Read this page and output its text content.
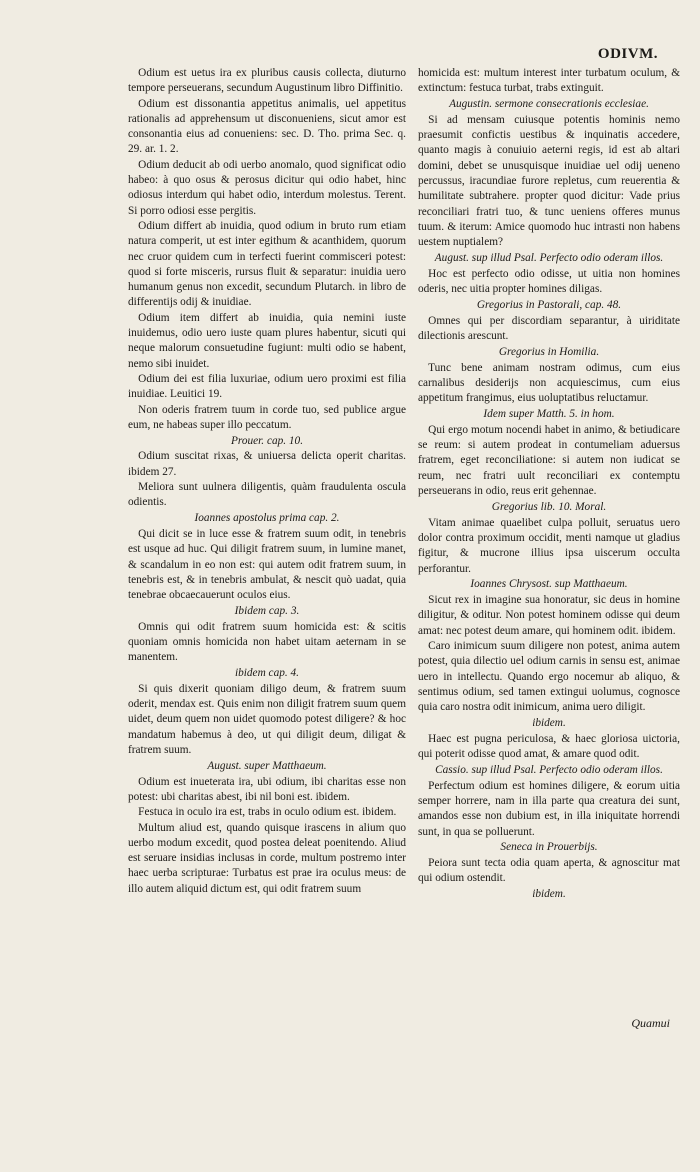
ODIVM.

Odium est uetus ira ex pluribus causis collecta, diuturno tempore perseuerans, secundum Augustinum libro Diffinitio.

Odium est dissonantia appetitus animalis, uel appetitus rationalis ad apprehensum ut disconueniens, sicut amor est consonantia eius ad conueniens: sec. D. Tho. prima Sec. q. 29. ar. 1. 2.

Odium deducit ab odi uerbo anomalo, quod significat odio habeo: à quo osus & perosus dicitur qui odio habet, hinc odiosus interdum qui habet odio, interdum molestus. Terent. Si porro odiosi esse pergitis.

Odium differt ab inuidia, quod odium in bruto rum etiam natura comperit, ut est inter egithum & acanthidem, quorum nec cruor quidem cum in terfecti fuerint commisceri potest: quod si forte misceris, rursus fluit & separatur: inuidia uero humanum genus non excedit, secundum Plutarch. in libro de differentijs odij & inuidiae.

Odium item differt ab inuidia, quia nemini iuste inuidemus, odio uero iuste quam plures habentur, sicuti qui neque malorum consuetudine fugiunt: multi odio se habent, nemo sibi inuidet.

Odium dei est filia luxuriae, odium uero proximi est filia inuidiae. Leuitici 19.

Non oderis fratrem tuum in corde tuo, sed publice argue eum, ne habeas super illo peccatum.

Prouer. cap. 10.

Odium suscitat rixas, & uniuersa delicta operit charitas. ibidem 27.

Meliora sunt uulnera diligentis, quàm fraudulenta oscula odientis.

Ioannes apostolus prima cap. 2.

Qui dicit se in luce esse & fratrem suum odit, in tenebris est usque ad huc. Qui diligit fratrem suum, in lumine manet, & scandalum in eo non est: qui autem odit fratrem suum, in tenebris est, & in tenebris ambulat, & nescit quò uadat, quia tenebrae obcaecauerunt oculos eius.

Ibidem cap. 3.

Omnis qui odit fratrem suum homicida est: & scitis quoniam omnis homicida non habet uitam aeternam in se manentem.

ibidem cap. 4.

Si quis dixerit quoniam diligo deum, & fratrem suum oderit, mendax est. Quis enim non diligit fratrem suum quem uidet, deum quem non uidet quomodo potest diligere? & hoc mandatum habemus à deo, ut qui diligit deum, diligat & fratrem suum.

August. super Matthaeum.

Odium est inueterata ira, ubi odium, ibi charitas esse non potest: ubi charitas abest, ibi nil boni est. ibidem.

Festuca in oculo ira est, trabs in oculo odium est. ibidem.

Multum aliud est, quando quisque irascens in alium quo uerbo modum excedit, quod postea deleat poenitendo. Aliud est seruare insidias inclusas in corde, multum postremo inter haec uerba scripturae: Turbatus est prae ira oculus meus: de illo autem aliquid dictum est, qui odit fratrem suum

homicida est: multum interest inter turbatum oculum, & extinctum: festuca turbat, trabs extinguit.

Augustin. sermone consecrationis ecclesiae.

Si ad mensam cuiusque potentis hominis nemo praesumit confictis uestibus & inquinatis accedere, quanto magis à conuiuio aeterni regis, id est ab altari domini, debet se unusquisque inuidiae uel odij ueneno percussus, iracundiae furore repletus, cum reuerentia & humilitate subtrahere. propter quod dicitur: Vade prius reconciliari fratri tuo, & tunc ueniens offeres munus tuum. & iterum: Amice quomodo huc intrasti non habens uestem nuptialem?

August. sup illud Psal. Perfecto odio oderam illos.

Hoc est perfecto odio odisse, ut uitia non homines oderis, nec uitia propter homines diligas.

Gregorius in Pastorali, cap. 48.

Omnes qui per discordiam separantur, à uiriditate dilectionis arescunt.

Gregorius in Homilia.

Tunc bene animam nostram odimus, cum eius carnalibus desiderijs non acquiescimus, cum eius appetitum frangimus, eius uoluptatibus reluctamur.

Idem super Matth. 5. in hom.

Qui ergo motum nocendi habet in animo, & betiudicare se reum: si autem prodeat in contumeliam aduersus fratrem, eget reconciliatione: si autem non iudicat se reum, nec fratri uult reconciliari ex contemptu perseuerans in odio, reus erit gehennae.

Gregorius lib. 10. Moral.

Vitam animae quaelibet culpa polluit, seruatus uero dolor contra proximum occidit, menti namque ut gladius figitur, & mucrone illius ipsa uiscerum occulta perforantur.

Ioannes Chrysost. sup Matthaeum.

Sicut rex in imagine sua honoratur, sic deus in homine diligitur, & oditur. Non potest hominem odisse qui deum amat: nec potest deum amare, qui hominem odit. ibidem.

Caro inimicum suum diligere non potest, anima autem potest, quia dilectio uel odium carnis in sensu est, animae uero in intellectu. Quando ergo nocemur ab aliquo, & sentimus odium, sed tamen extingui uolumus, cognosce quia caro nostra odit inimicum, anima uero diligit.

ibidem.

Haec est pugna periculosa, & haec gloriosa uictoria, qui poterit odisse quod amat, & amare quod odit.

Cassio. sup illud Psal. Perfecto odio oderam illos.

Perfectum odium est homines diligere, & eorum uitia semper horrere, nam in illa parte qua creatura dei sunt, amandos esse non dubium est, in illa iniquitate horrendi sunt, in qua se polluerunt.

Seneca in Prouerbijs.

Peiora sunt tecta odia quam aperta, & agnoscitur mat qui odium ostendit.

ibidem.

Quamui
